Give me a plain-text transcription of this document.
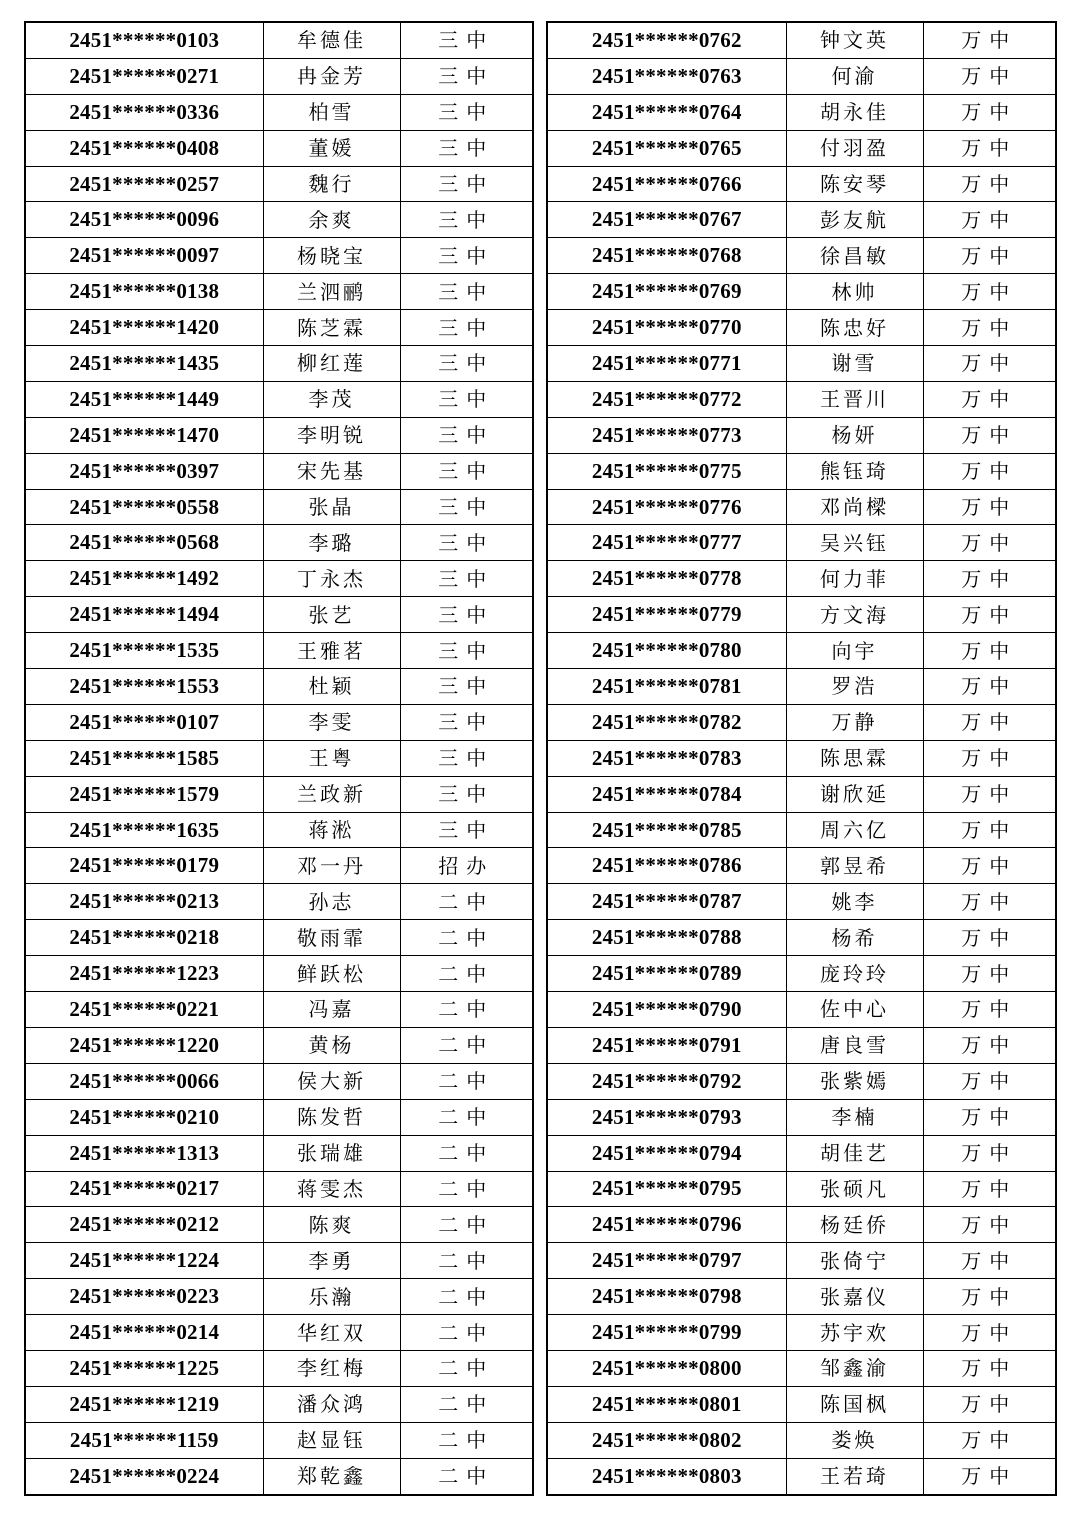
2451******0103	牟德佳	三中
2451******0271	冉金芳	三中
2451******0336	柏雪	三中
2451******0408	董媛	三中
2451******0257	魏行	三中
2451******0096	余爽	三中
2451******0097	杨晓宝	三中
2451******0138	兰泗鹂	三中
2451******1420	陈芝霖	三中
2451******1435	柳红莲	三中
2451******1449	李茂	三中
2451******1470	李明锐	三中
2451******0397	宋先基	三中
2451******0558	张晶	三中
2451******0568	李璐	三中
2451******1492	丁永杰	三中
2451******1494	张艺	三中
2451******1535	王雅茗	三中
2451******1553	杜颖	三中
2451******0107	李雯	三中
2451******1585	王粤	三中
2451******1579	兰政新	三中
2451******1635	蒋淞	三中
2451******0179	邓一丹	招办
2451******0213	孙志	二中
2451******0218	敬雨霏	二中
2451******1223	鲜跃松	二中
2451******0221	冯嘉	二中
2451******1220	黄杨	二中
2451******0066	侯大新	二中
2451******0210	陈发哲	二中
2451******1313	张瑞雄	二中
2451******0217	蒋雯杰	二中
2451******0212	陈爽	二中
2451******1224	李勇	二中
2451******0223	乐瀚	二中
2451******0214	华红双	二中
2451******1225	李红梅	二中
2451******1219	潘众鸿	二中
2451******1159	赵显钰	二中
2451******0224	郑乾鑫	二中
2451******0762	钟文英	万中
2451******0763	何渝	万中
2451******0764	胡永佳	万中
2451******0765	付羽盈	万中
2451******0766	陈安琴	万中
2451******0767	彭友航	万中
2451******0768	徐昌敏	万中
2451******0769	林帅	万中
2451******0770	陈忠好	万中
2451******0771	谢雪	万中
2451******0772	王晋川	万中
2451******0773	杨妍	万中
2451******0775	熊钰琦	万中
2451******0776	邓尚樑	万中
2451******0777	吴兴钰	万中
2451******0778	何力菲	万中
2451******0779	方文海	万中
2451******0780	向宇	万中
2451******0781	罗浩	万中
2451******0782	万静	万中
2451******0783	陈思霖	万中
2451******0784	谢欣延	万中
2451******0785	周六亿	万中
2451******0786	郭昱希	万中
2451******0787	姚李	万中
2451******0788	杨希	万中
2451******0789	庞玲玲	万中
2451******0790	佐中心	万中
2451******0791	唐良雪	万中
2451******0792	张紫嫣	万中
2451******0793	李楠	万中
2451******0794	胡佳艺	万中
2451******0795	张硕凡	万中
2451******0796	杨廷侨	万中
2451******0797	张倚宁	万中
2451******0798	张嘉仪	万中
2451******0799	苏宇欢	万中
2451******0800	邹鑫渝	万中
2451******0801	陈国枫	万中
2451******0802	娄焕	万中
2451******0803	王若琦	万中
